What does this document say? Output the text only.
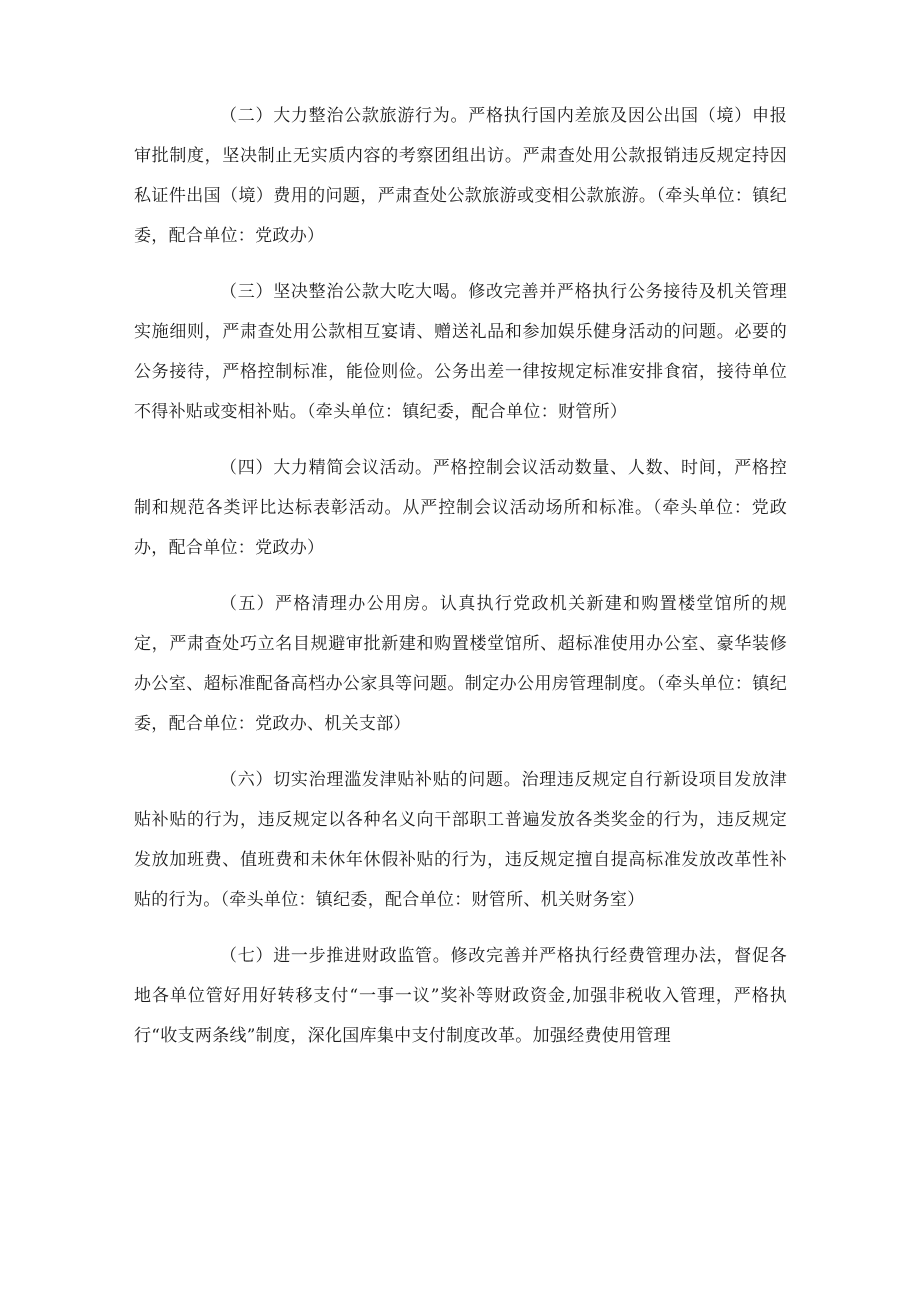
（二）大力整治公款旅游行为。严格执行国内差旅及因公出国（境）申报审批制度，坚决制止无实质内容的考察团组出访。严肃查处用公款报销违反规定持因私证件出国（境）费用的问题，严肃查处公款旅游或变相公款旅游。（牵头单位：镇纪委，配合单位：党政办）

（三）坚决整治公款大吃大喝。修改完善并严格执行公务接待及机关管理实施细则，严肃查处用公款相互宴请、赠送礼品和参加娱乐健身活动的问题。必要的公务接待，严格控制标准，能俭则俭。公务出差一律按规定标准安排食宿，接待单位不得补贴或变相补贴。（牵头单位：镇纪委，配合单位：财管所）

（四）大力精简会议活动。严格控制会议活动数量、人数、时间，严格控制和规范各类评比达标表彰活动。从严控制会议活动场所和标准。（牵头单位：党政办，配合单位：党政办）

（五）严格清理办公用房。认真执行党政机关新建和购置楼堂馆所的规定，严肃查处巧立名目规避审批新建和购置楼堂馆所、超标准使用办公室、豪华装修办公室、超标准配备高档办公家具等问题。制定办公用房管理制度。（牵头单位：镇纪委，配合单位：党政办、机关支部）

（六）切实治理滥发津贴补贴的问题。治理违反规定自行新设项目发放津贴补贴的行为，违反规定以各种名义向干部职工普遍发放各类奖金的行为，违反规定发放加班费、值班费和未休年休假补贴的行为，违反规定擅自提高标准发放改革性补贴的行为。（牵头单位：镇纪委，配合单位：财管所、机关财务室）

（七）进一步推进财政监管。修改完善并严格执行经费管理办法，督促各地各单位管好用好转移支付“一事一议”奖补等财政资金,加强非税收入管理，严格执行“收支两条线”制度，深化国库集中支付制度改革。加强经费使用管理
